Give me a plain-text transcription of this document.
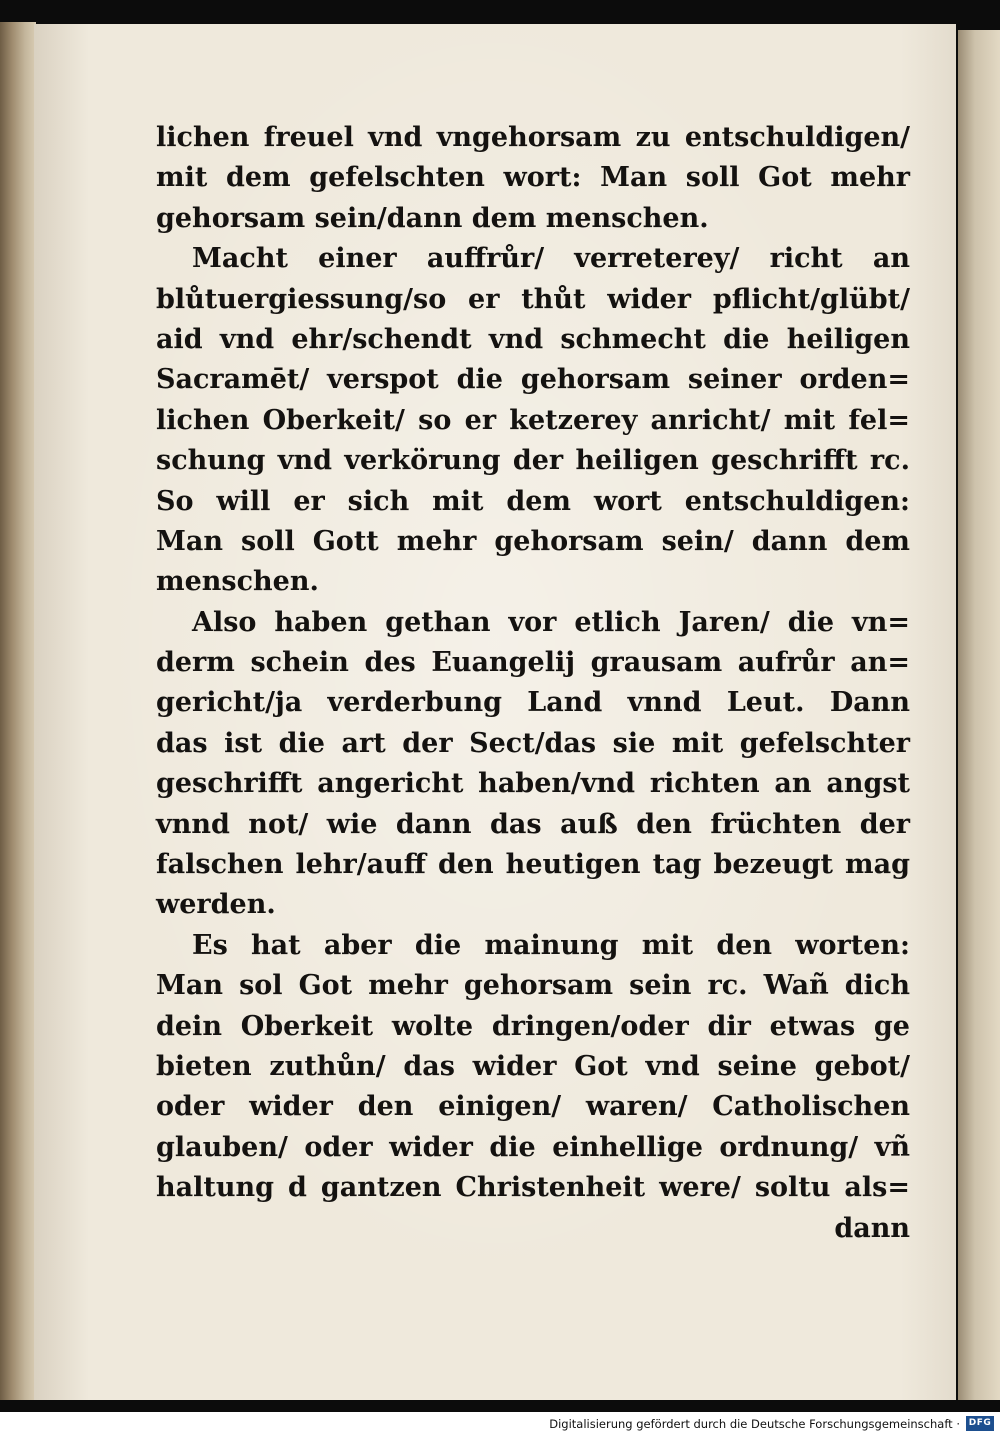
lichen freuel vnd vngehorsam zu entschuldigen/
mit dem gefelschten wort: Man soll Got mehr
gehorsam sein/dann dem menschen.
Macht einer auffrůr/ verreterey/ richt an
blůtuergiessung/so er thůt wider pflicht/glübt/
aid vnd ehr/schendt vnd schmecht die heiligen
Sacramēt/ verspot die gehorsam seiner orden=
lichen Oberkeit/ so er ketzerey anricht/ mit fel=
schung vnd verkörung der heiligen geschrifft rc.
So will er sich mit dem wort entschuldigen:
Man soll Gott mehr gehorsam sein/ dann dem
menschen.
Also haben gethan vor etlich Jaren/ die vn=
derm schein des Euangelij grausam aufrůr an=
gericht/ja verderbung Land vnnd Leut. Dann
das ist die art der Sect/das sie mit gefelschter
geschrifft angericht haben/vnd richten an angst
vnnd not/ wie dann das auß den früchten der
falschen lehr/auff den heutigen tag bezeugt mag
werden.
Es hat aber die mainung mit den worten:
Man sol Got mehr gehorsam sein rc. Wañ dich
dein Oberkeit wolte dringen/oder dir etwas ge
bieten zuthůn/ das wider Got vnd seine gebot/
oder wider den einigen/ waren/ Catholischen
glauben/ oder wider die einhellige ordnung/ vñ
haltung d gantzen Christenheit were/ soltu als=
dann
Digitalisierung gefördert durch die Deutsche Forschungsgemeinschaft · DFG
